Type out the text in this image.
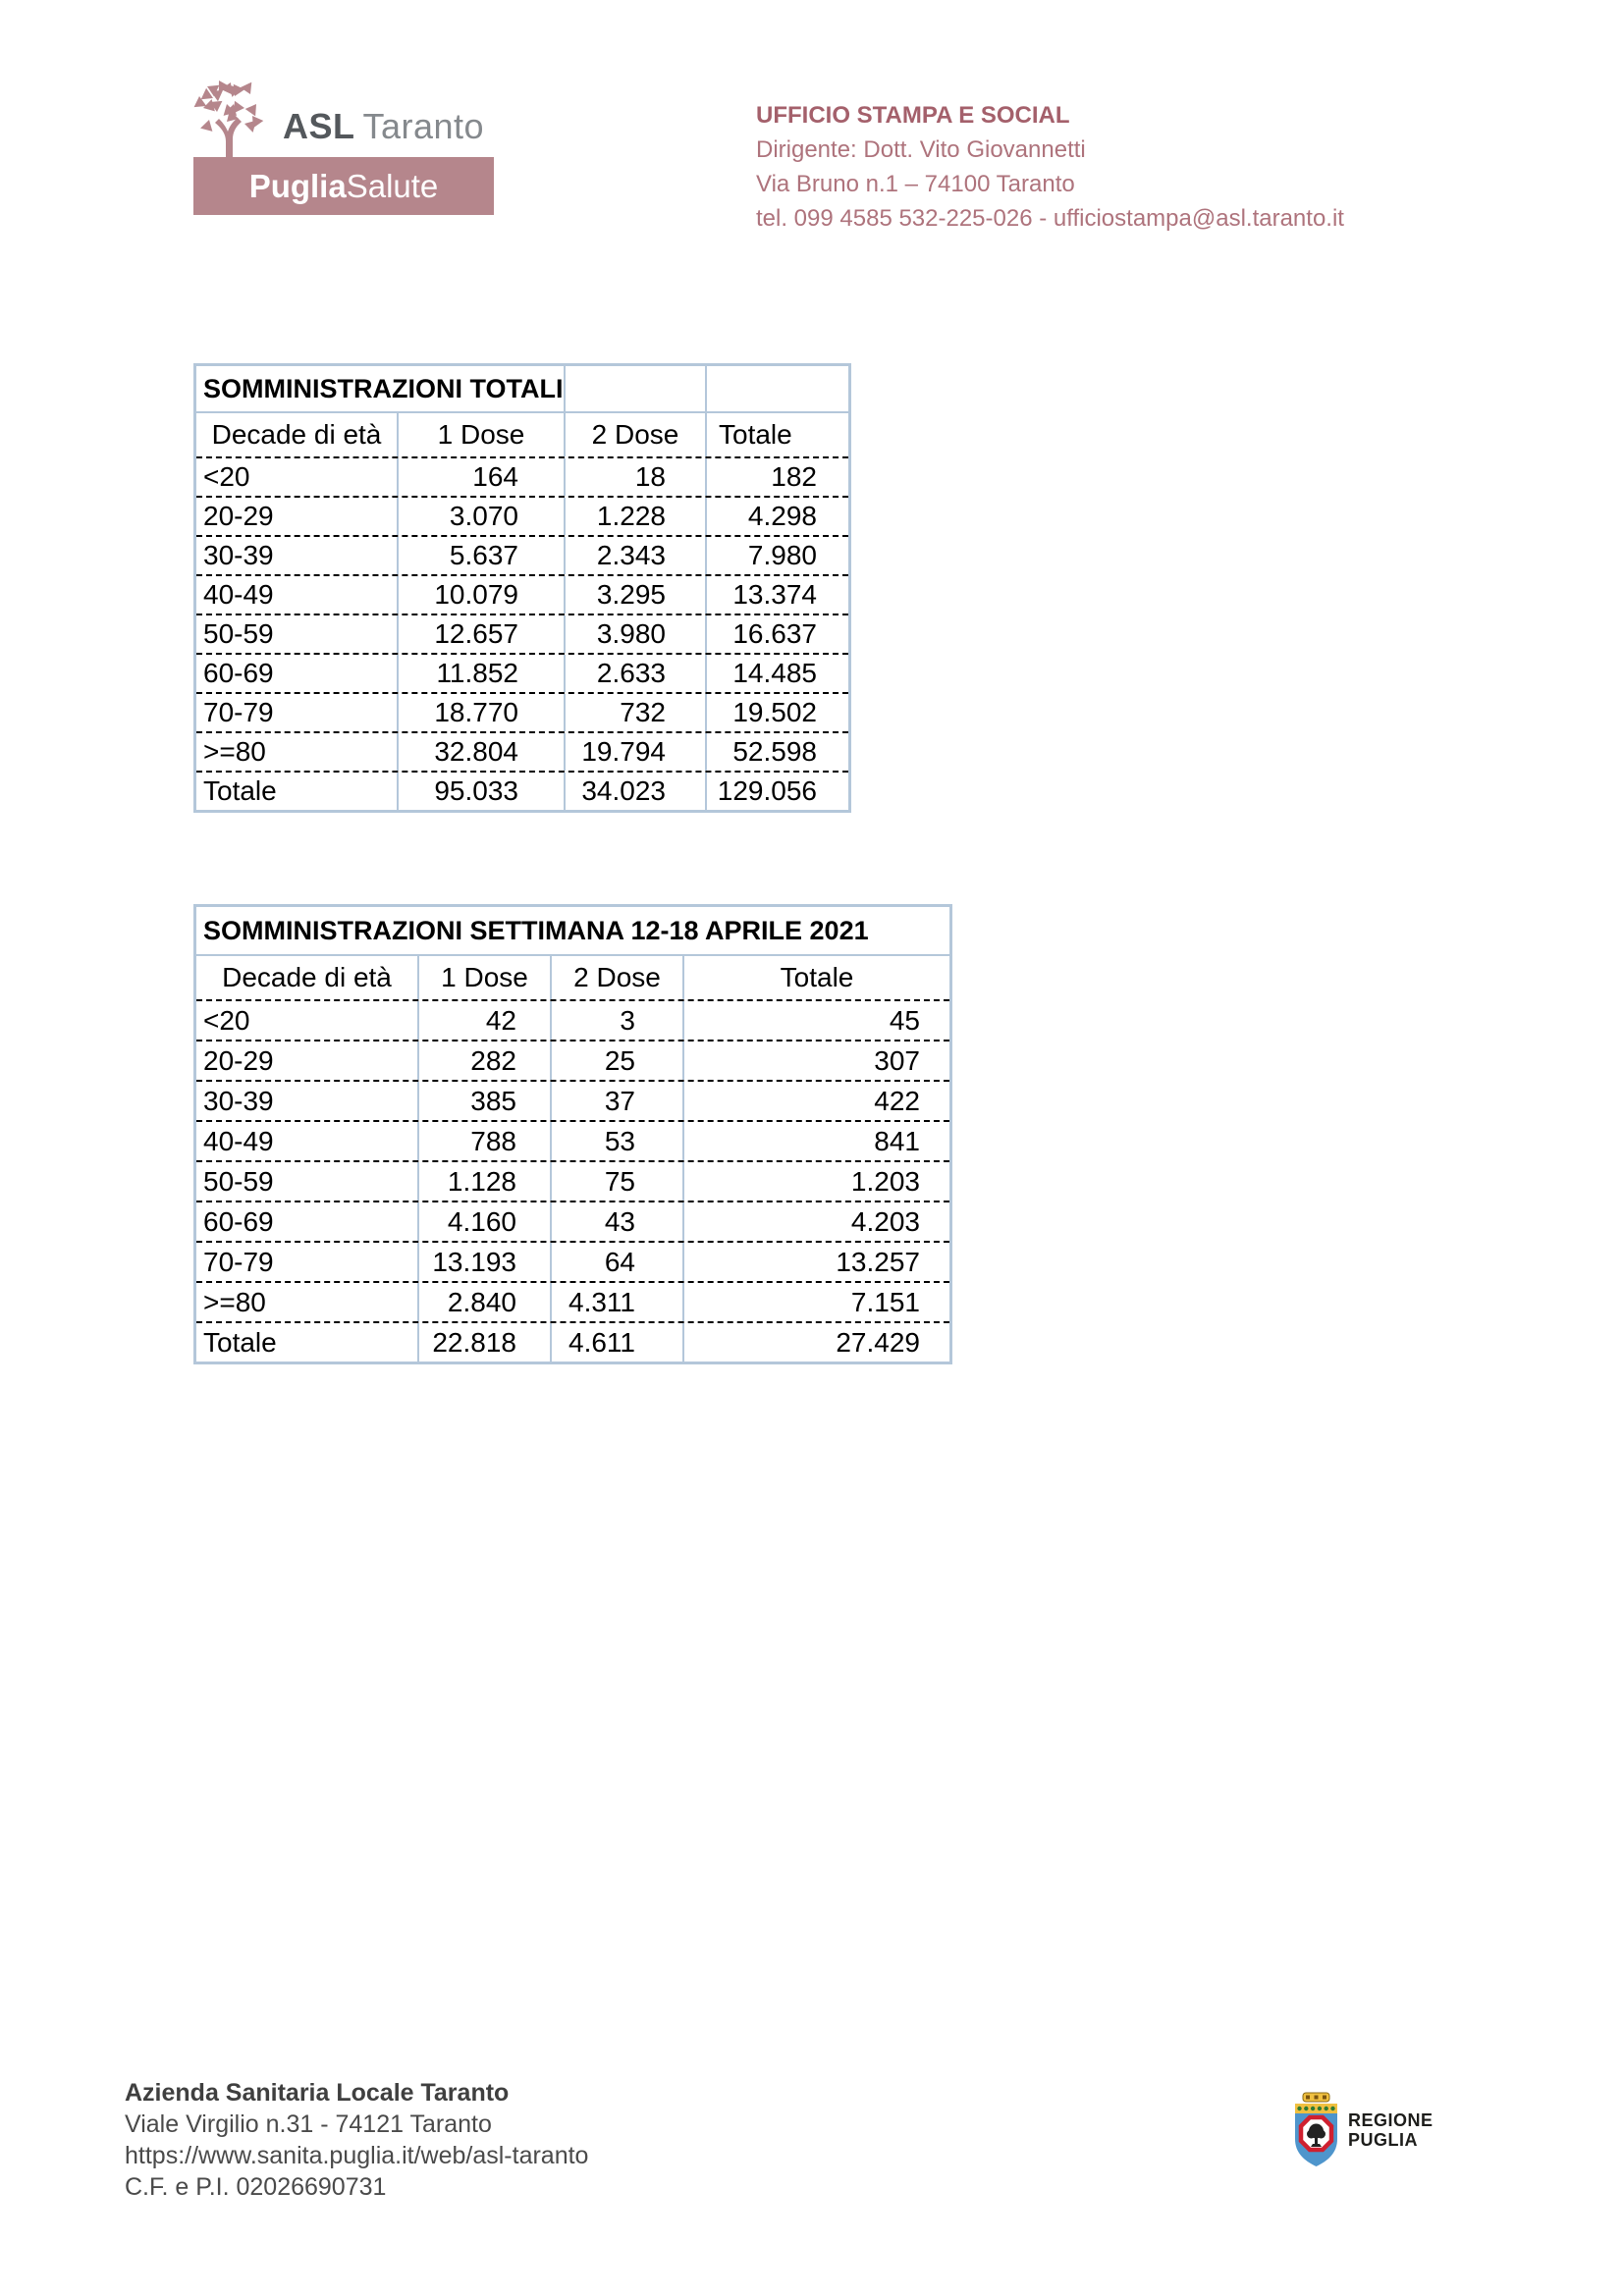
ASL Taranto
Puglia Salute
UFFICIO STAMPA E SOCIAL
Dirigente: Dott. Vito Giovannetti
Via Bruno n.1 – 74100 Taranto
tel. 099 4585 532-225-026 - ufficiostampa@asl.taranto.it
SOMMINISTRAZIONI TOTALI
Decade di età	1 Dose	2 Dose	Totale
<20	164	18	182
20-29	3.070	1.228	4.298
30-39	5.637	2.343	7.980
40-49	10.079	3.295	13.374
50-59	12.657	3.980	16.637
60-69	11.852	2.633	14.485
70-79	18.770	732	19.502
>=80	32.804	19.794	52.598
Totale	95.033	34.023	129.056
SOMMINISTRAZIONI SETTIMANA 12-18 APRILE 2021
Decade di età	1 Dose	2 Dose	Totale
<20	42	3	45
20-29	282	25	307
30-39	385	37	422
40-49	788	53	841
50-59	1.128	75	1.203
60-69	4.160	43	4.203
70-79	13.193	64	13.257
>=80	2.840	4.311	7.151
Totale	22.818	4.611	27.429
Azienda Sanitaria Locale Taranto
Viale Virgilio n.31 - 74121 Taranto
https://www.sanita.puglia.it/web/asl-taranto
C.F. e P.I. 02026690731
REGIONE
PUGLIA
